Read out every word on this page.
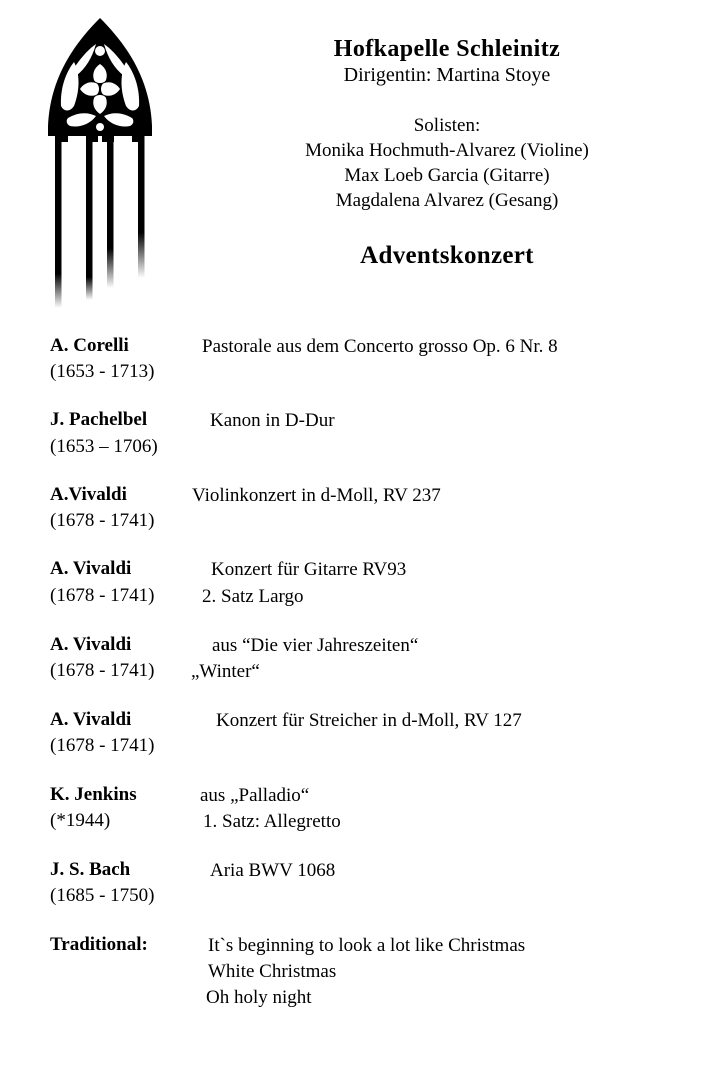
Hofkapelle Schleinitz
Dirigentin: Martina Stoye
Solisten:
Monika Hochmuth-Alvarez (Violine)
Max Loeb Garcia (Gitarre)
Magdalena Alvarez (Gesang)
Adventskonzert
A. Corelli
(1653 - 1713)
Pastorale aus dem Concerto grosso Op. 6 Nr. 8
J. Pachelbel
(1653 – 1706)
Kanon in D-Dur
A.Vivaldi
(1678 - 1741)
Violinkonzert in d-Moll, RV 237
A. Vivaldi
(1678 - 1741)
Konzert für Gitarre RV93
2. Satz Largo
A. Vivaldi
(1678 - 1741)
aus “Die vier Jahreszeiten“
„Winter“
A. Vivaldi
(1678 - 1741)
Konzert für Streicher in d-Moll, RV 127
K. Jenkins
(*1944)
aus „Palladio“
1. Satz: Allegretto
J. S. Bach
(1685 - 1750)
Aria BWV 1068
Traditional:	Itˋs beginning to look a lot like Christmas
White Christmas
Oh holy night
